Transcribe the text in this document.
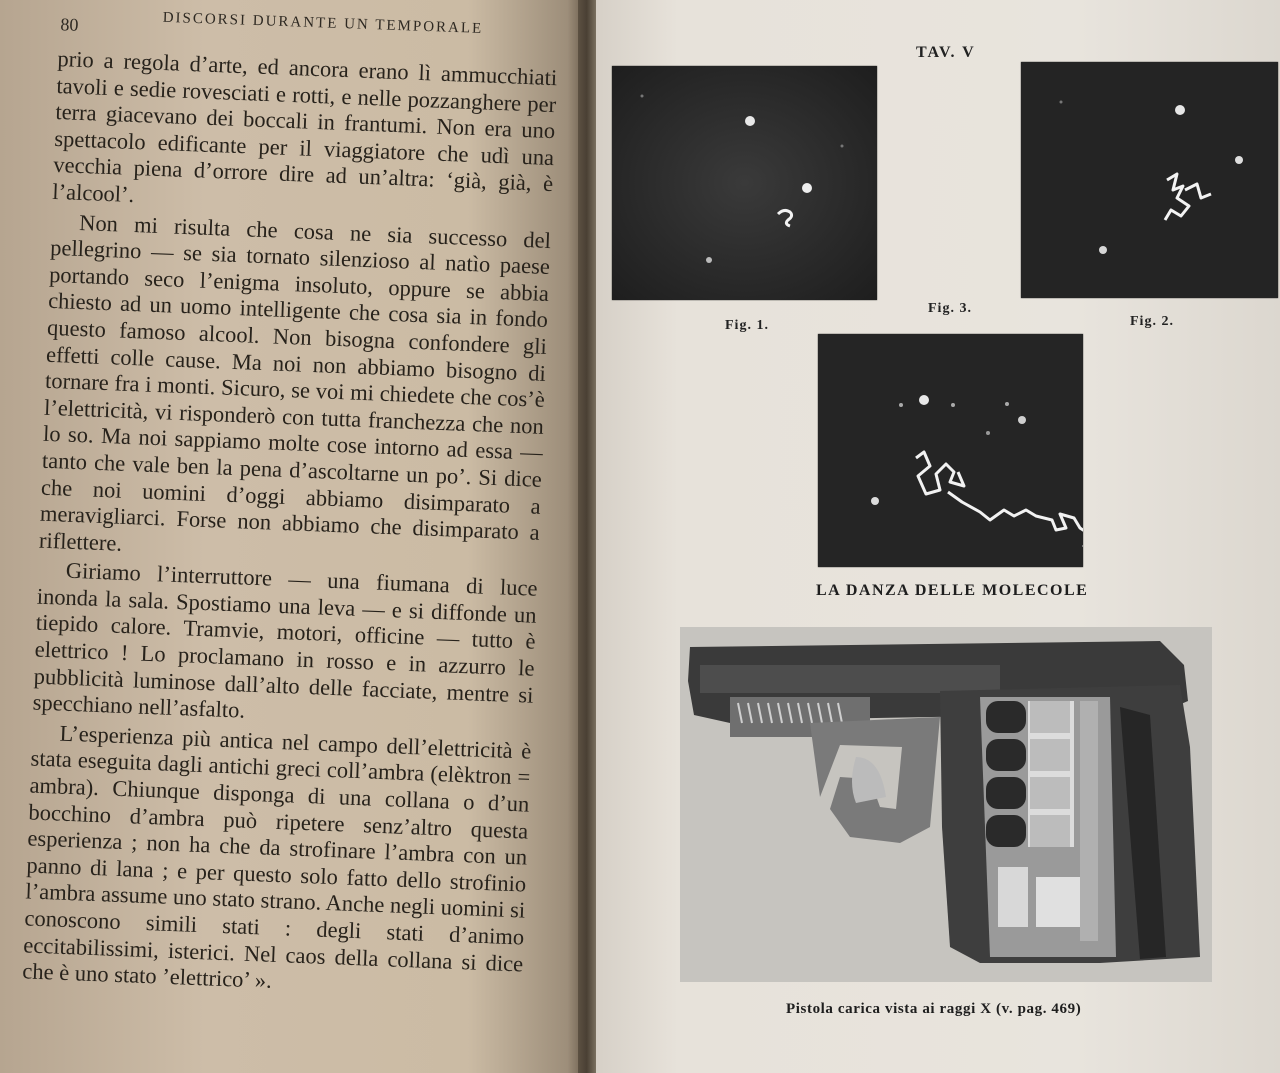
80	DISCORSI DURANTE UN TEMPORALE

prio a regola d’arte, ed ancora erano lì ammucchiati tavoli e sedie rovesciati e rotti, e nelle pozzanghere per terra giacevano dei boccali in frantumi. Non era uno spettacolo edificante per il viaggiatore che udì una vecchia piena d’orrore dire ad un’altra: ‘già, già, è l’alcool’.

Non mi risulta che cosa ne sia successo del pellegrino — se sia tornato silenzioso al natìo paese portando seco l’enigma insoluto, oppure se abbia chiesto ad un uomo intelligente che cosa sia in fondo questo famoso alcool. Non bisogna confondere gli effetti colle cause. Ma noi non abbiamo bisogno di tornare fra i monti. Sicuro, se voi mi chiedete che cos’è l’elettricità, vi risponderò con tutta franchezza che non lo so. Ma noi sappiamo molte cose intorno ad essa — tanto che vale ben la pena d’ascoltarne un po’. Si dice che noi uomini d’oggi abbiamo disimparato a meravigliarci. Forse non abbiamo che disimparato a riflettere.

Giriamo l’interruttore — una fiumana di luce inonda la sala. Spostiamo una leva — e si diffonde un tiepido calore. Tramvie, motori, officine — tutto è elettrico ! Lo proclamano in rosso e in azzurro le pubblicità luminose dall’alto delle facciate, mentre si specchiano nell’asfalto.

L’esperienza più antica nel campo dell’elettricità è stata eseguita dagli antichi greci coll’ambra (elèktron = ambra). Chiunque disponga di una collana o d’un bocchino d’ambra può ripetere senz’altro questa esperienza ; non ha che da strofinare l’ambra con un panno di lana ; e per questo solo fatto dello strofinio l’ambra assume uno stato strano. Anche negli uomini si conoscono simili stati : degli stati d’animo eccitabilissimi, isterici. Nel caos della collana si dice che è uno stato ’elettrico’ ».

TAV. V
Fig. 1.
Fig. 3.
Fig. 2.
LA DANZA DELLE MOLECOLE
Pistola carica vista ai raggi X (v. pag. 469)
